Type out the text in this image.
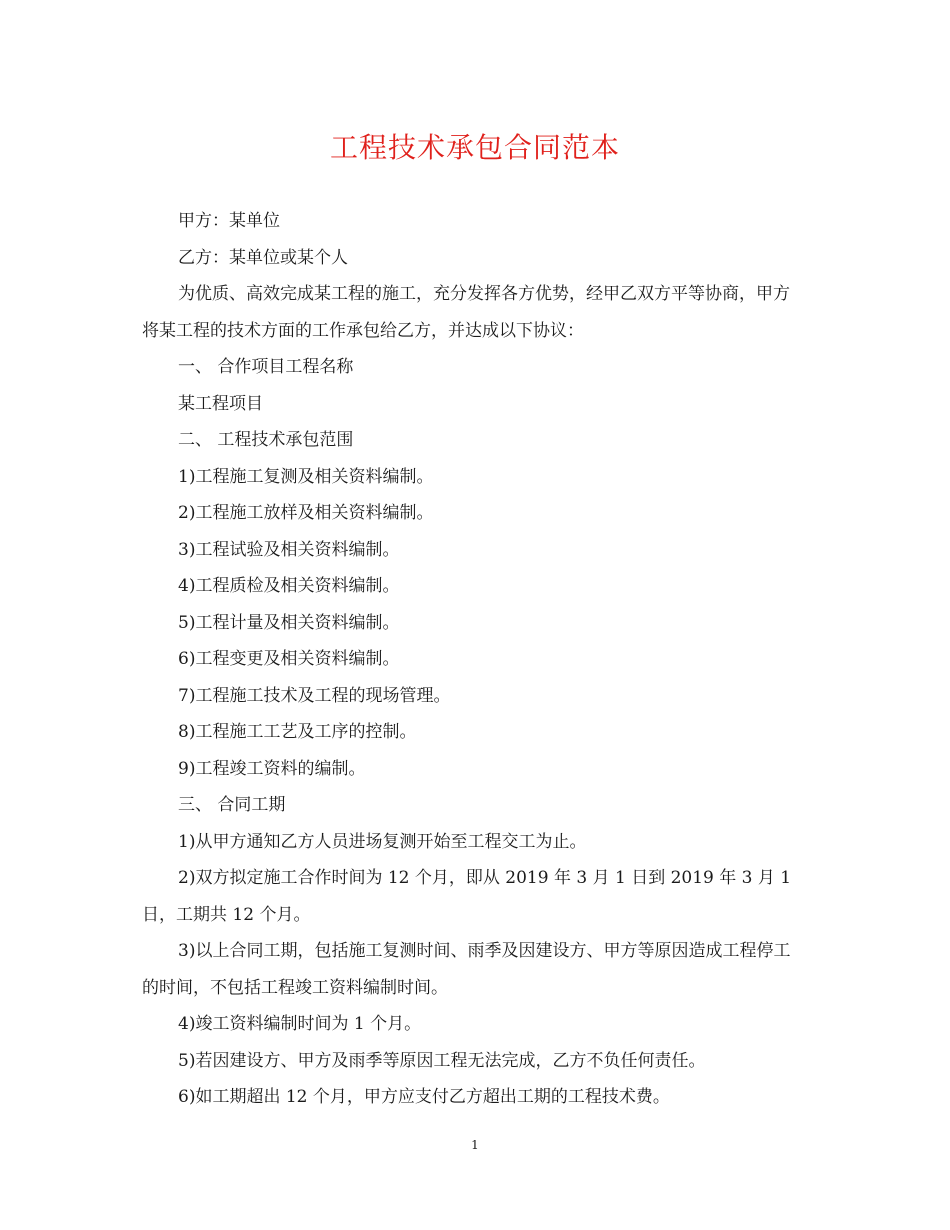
工程技术承包合同范本

甲方：某单位

乙方：某单位或某个人

为优质、高效完成某工程的施工，充分发挥各方优势，经甲乙双方平等协商，甲方将某工程的技术方面的工作承包给乙方，并达成以下协议：

一、 合作项目工程名称

某工程项目

二、 工程技术承包范围

1)工程施工复测及相关资料编制。

2)工程施工放样及相关资料编制。

3)工程试验及相关资料编制。

4)工程质检及相关资料编制。

5)工程计量及相关资料编制。

6)工程变更及相关资料编制。

7)工程施工技术及工程的现场管理。

8)工程施工工艺及工序的控制。

9)工程竣工资料的编制。

三、 合同工期

1)从甲方通知乙方人员进场复测开始至工程交工为止。

2)双方拟定施工合作时间为 12 个月，即从 2019 年 3 月 1 日到 2019 年 3 月 1 日，工期共 12 个月。

3)以上合同工期，包括施工复测时间、雨季及因建设方、甲方等原因造成工程停工的时间，不包括工程竣工资料编制时间。

4)竣工资料编制时间为 1 个月。

5)若因建设方、甲方及雨季等原因工程无法完成，乙方不负任何责任。

6)如工期超出 12 个月，甲方应支付乙方超出工期的工程技术费。

1
